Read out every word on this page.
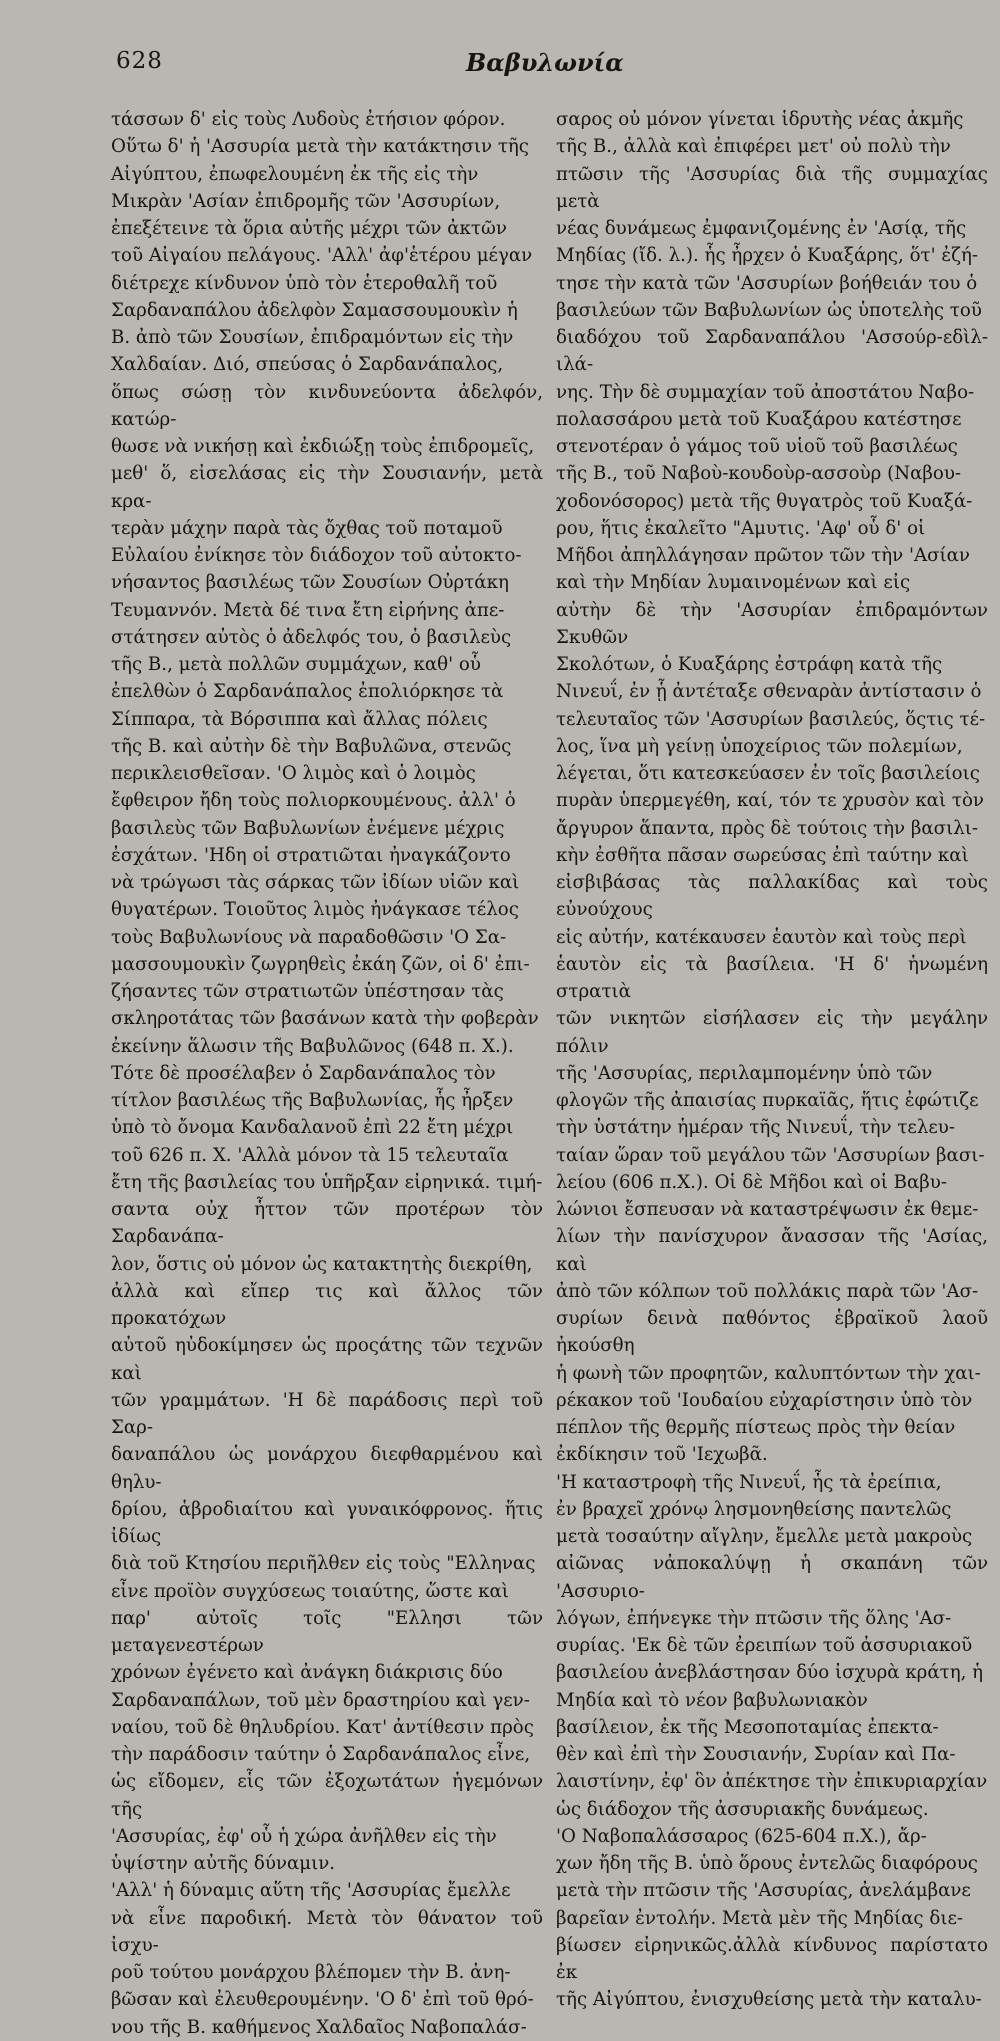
628	Βαβυλωνία

τάσσων δ' εἰς τοὺς Λυδοὺς ἐτήσιον φόρον.
Οὕτω δ' ἡ 'Ασσυρία μετὰ τὴν κατάκτησιν τῆς
Αἰγύπτου, ἐπωφελουμένη ἐκ τῆς εἰς τὴν
Μικρὰν 'Ασίαν ἐπιδρομῆς τῶν 'Ασσυρίων,
ἐπεξέτεινε τὰ ὅρια αὐτῆς μέχρι τῶν ἀκτῶν
τοῦ Αἰγαίου πελάγους. 'Αλλ' ἀφ'ἑτέρου μέγαν
διέτρεχε κίνδυνον ὑπὸ τὸν ἑτεροθαλῆ τοῦ
Σαρδαναπάλου ἀδελφὸν Σαμασσουμουκὶν ἡ
Β. ἀπὸ τῶν Σουσίων, ἐπιδραμόντων εἰς τὴν
Χαλδαίαν. Διό, σπεύσας ὁ Σαρδανάπαλος,
ὅπως σώσῃ τὸν κινδυνεύοντα ἀδελφόν, κατώρ-
θωσε νὰ νικήσῃ καὶ ἐκδιώξῃ τοὺς ἐπιδρομεῖς,
μεθ' ὅ, εἰσελάσας εἰς τὴν Σουσιανήν, μετὰ κρα-
τερὰν μάχην παρὰ τὰς ὄχθας τοῦ ποταμοῦ
Εὐλαίου ἐνίκησε τὸν διάδοχον τοῦ αὐτοκτο-
νήσαντος βασιλέως τῶν Σουσίων Οὐρτάκη
Τευμαννόν. Μετὰ δέ τινα ἔτη εἰρήνης ἀπε-
στάτησεν αὐτὸς ὁ ἀδελφός του, ὁ βασιλεὺς
τῆς Β., μετὰ πολλῶν συμμάχων, καθ' οὗ
ἐπελθὼν ὁ Σαρδανάπαλος ἐπολιόρκησε τὰ
Σίππαρα, τὰ Βόρσιππα καὶ ἄλλας πόλεις
τῆς Β. καὶ αὐτὴν δὲ τὴν Βαβυλῶνα, στενῶς
περικλεισθεῖσαν. 'Ο λιμὸς καὶ ὁ λοιμὸς
ἔφθειρον ἤδη τοὺς πολιορκουμένους. ἀλλ' ὁ
βασιλεὺς τῶν Βαβυλωνίων ἐνέμενε μέχρις
ἐσχάτων. 'Ηδη οἱ στρατιῶται ἠναγκάζοντο
νὰ τρώγωσι τὰς σάρκας τῶν ἰδίων υἱῶν καὶ
θυγατέρων. Τοιοῦτος λιμὸς ἠνάγκασε τέλος
τοὺς Βαβυλωνίους νὰ παραδοθῶσιν 'Ο Σα-
μασσουμουκὶν ζωγρηθεὶς ἐκάη ζῶν, οἱ δ' ἐπι-
ζήσαντες τῶν στρατιωτῶν ὑπέστησαν τὰς
σκληροτάτας τῶν βασάνων κατὰ τὴν φοβερὰν
ἐκείνην ἅλωσιν τῆς Βαβυλῶνος (648 π. Χ.).
Τότε δὲ προσέλαβεν ὁ Σαρδανάπαλος τὸν
τίτλον βασιλέως τῆς Βαβυλωνίας, ἧς ἦρξεν
ὑπὸ τὸ ὄνομα Κανδαλανοῦ ἐπὶ 22 ἔτη μέχρι
τοῦ 626 π. Χ. 'Αλλὰ μόνον τὰ 15 τελευταῖα
ἔτη τῆς βασιλείας του ὑπῆρξαν εἰρηνικά. τιμή-
σαντα οὐχ ἧττον τῶν προτέρων τὸν Σαρδανάπα-
λον, ὅστις οὐ μόνον ὡς κατακτητὴς διεκρίθη,
ἀλλὰ καὶ εἴπερ τις καὶ ἄλλος τῶν προκατόχων
αὐτοῦ ηὐδοκίμησεν ὡς προςάτης τῶν τεχνῶν καὶ
τῶν γραμμάτων. 'Η δὲ παράδοσις περὶ τοῦ Σαρ-
δαναπάλου ὡς μονάρχου διεφθαρμένου καὶ θηλυ-
δρίου, ἁβροδιαίτου καὶ γυναικόφρονος. ἥτις ἰδίως
διὰ τοῦ Κτησίου περιῆλθεν εἰς τοὺς "Ελληνας
εἶνε προϊὸν συγχύσεως τοιαύτης, ὥστε καὶ
παρ' αὐτοῖς τοῖς "Ελλησι τῶν μεταγενεστέρων
χρόνων ἐγένετο καὶ ἀνάγκη διάκρισις δύο
Σαρδαναπάλων, τοῦ μὲν δραστηρίου καὶ γεν-
ναίου, τοῦ δὲ θηλυδρίου. Κατ' ἀντίθεσιν πρὸς
τὴν παράδοσιν ταύτην ὁ Σαρδανάπαλος εἶνε,
ὡς εἴδομεν, εἷς τῶν ἐξοχωτάτων ἡγεμόνων τῆς
'Ασσυρίας, ἐφ' οὗ ἡ χώρα ἀνῆλθεν εἰς τὴν
ὑψίστην αὐτῆς δύναμιν.

'Αλλ' ἡ δύναμις αὕτη τῆς 'Ασσυρίας ἔμελλε
νὰ εἶνε παροδική. Μετὰ τὸν θάνατον τοῦ ἰσχυ-
ροῦ τούτου μονάρχου βλέπομεν τὴν Β. ἀνη-
βῶσαν καὶ ἐλευθερουμένην. 'Ο δ' ἐπὶ τοῦ θρό-
νου τῆς Β. καθήμενος Χαλδαῖος Ναβοπαλάσ-

σαρος οὐ μόνον γίνεται ἱδρυτὴς νέας ἀκμῆς
τῆς Β., ἀλλὰ καὶ ἐπιφέρει μετ' οὐ πολὺ τὴν
πτῶσιν τῆς 'Ασσυρίας διὰ τῆς συμμαχίας μετὰ
νέας δυνάμεως ἐμφανιζομένης ἐν 'Ασίᾳ, τῆς
Μηδίας (ἴδ. λ.). ἧς ἦρχεν ὁ Κυαξάρης, ὅτ' ἐζή-
τησε τὴν κατὰ τῶν 'Ασσυρίων βοήθειάν του ὁ
βασιλεύων τῶν Βαβυλωνίων ὡς ὑποτελὴς τοῦ
διαδόχου τοῦ Σαρδαναπάλου 'Ασσούρ-εδὶλ-ιλά-
νης. Τὴν δὲ συμμαχίαν τοῦ ἀποστάτου Ναβο-
πολασσάρου μετὰ τοῦ Κυαξάρου κατέστησε
στενοτέραν ὁ γάμος τοῦ υἱοῦ τοῦ βασιλέως
τῆς Β., τοῦ Ναβοὺ-κουδοὺρ-ασσοὺρ (Ναβου-
χοδονόσορος) μετὰ τῆς θυγατρὸς τοῦ Κυαξά-
ρου, ἥτις ἐκαλεῖτο "Αμυτις. 'Αφ' οὗ δ' οἱ
Μῆδοι ἀπηλλάγησαν πρῶτον τῶν τὴν 'Ασίαν
καὶ τὴν Μηδίαν λυμαινομένων καὶ εἰς
αὐτὴν δὲ τὴν 'Ασσυρίαν ἐπιδραμόντων Σκυθῶν
Σκολότων, ὁ Κυαξάρης ἐστράφη κατὰ τῆς
Νινευΐ, ἐν ᾗ ἀντέταξε σθεναρὰν ἀντίστασιν ὁ
τελευταῖος τῶν 'Ασσυρίων βασιλεύς, ὅςτις τέ-
λος, ἵνα μὴ γείνῃ ὑποχείριος τῶν πολεμίων,
λέγεται, ὅτι κατεσκεύασεν ἐν τοῖς βασιλείοις
πυρὰν ὑπερμεγέθη, καί, τόν τε χρυσὸν καὶ τὸν
ἄργυρον ἅπαντα, πρὸς δὲ τούτοις τὴν βασιλι-
κὴν ἐσθῆτα πᾶσαν σωρεύσας ἐπὶ ταύτην καὶ
εἰσβιβάσας τὰς παλλακίδας καὶ τοὺς εὐνούχους
εἰς αὐτήν, κατέκαυσεν ἑαυτὸν καὶ τοὺς περὶ
ἑαυτὸν εἰς τὰ βασίλεια. 'Η δ' ἡνωμένη στρατιὰ
τῶν νικητῶν εἰσήλασεν εἰς τὴν μεγάλην πόλιν
τῆς 'Ασσυρίας, περιλαμπομένην ὑπὸ τῶν
φλογῶν τῆς ἀπαισίας πυρκαϊᾶς, ἥτις ἐφώτιζε
τὴν ὑστάτην ἡμέραν τῆς Νινευΐ, τὴν τελευ-
ταίαν ὥραν τοῦ μεγάλου τῶν 'Ασσυρίων βασι-
λείου (606 π.Χ.). Οἱ δὲ Μῆδοι καὶ οἱ Βαβυ-
λώνιοι ἔσπευσαν νὰ καταστρέψωσιν ἐκ θεμε-
λίων τὴν πανίσχυρον ἄνασσαν τῆς 'Ασίας, καὶ
ἀπὸ τῶν κόλπων τοῦ πολλάκις παρὰ τῶν 'Ασ-
συρίων δεινὰ παθόντος ἑβραϊκοῦ λαοῦ ἠκούσθη
ἡ φωνὴ τῶν προφητῶν, καλυπτόντων τὴν χαι-
ρέκακον τοῦ 'Ιουδαίου εὐχαρίστησιν ὑπὸ τὸν
πέπλον τῆς θερμῆς πίστεως πρὸς τὴν θείαν
ἐκδίκησιν τοῦ 'Ιεχωβᾶ.

'Η καταστροφὴ τῆς Νινευΐ, ἧς τὰ ἐρείπια,
ἐν βραχεῖ χρόνῳ λησμονηθείσης παντελῶς
μετὰ τοσαύτην αἴγλην, ἔμελλε μετὰ μακροὺς
αἰῶνας νἀποκαλύψῃ ἡ σκαπάνη τῶν 'Ασσυριο-
λόγων, ἐπήνεγκε τὴν πτῶσιν τῆς ὅλης 'Ασ-
συρίας. 'Εκ δὲ τῶν ἐρειπίων τοῦ ἀσσυριακοῦ
βασιλείου ἀνεβλάστησαν δύο ἰσχυρὰ κράτη, ἡ
Μηδία καὶ τὸ νέον βαβυλωνιακὸν
βασίλειον, ἐκ τῆς Μεσοποταμίας ἐπεκτα-
θὲν καὶ ἐπὶ τὴν Σουσιανήν, Συρίαν καὶ Πα-
λαιστίνην, ἐφ' ὃν ἀπέκτησε τὴν ἐπικυριαρχίαν
ὡς διάδοχον τῆς ἀσσυριακῆς δυνάμεως.

'Ο Ναβοπαλάσσαρος (625-604 π.Χ.), ἄρ-
χων ἤδη τῆς Β. ὑπὸ ὅρους ἐντελῶς διαφόρους
μετὰ τὴν πτῶσιν τῆς 'Ασσυρίας, ἀνελάμβανε
βαρεῖαν ἐντολήν. Μετὰ μὲν τῆς Μηδίας διε-
βίωσεν εἰρηνικῶς.ἀλλὰ κίνδυνος παρίστατο ἐκ
τῆς Αἰγύπτου, ἐνισχυθείσης μετὰ τὴν καταλυ-
